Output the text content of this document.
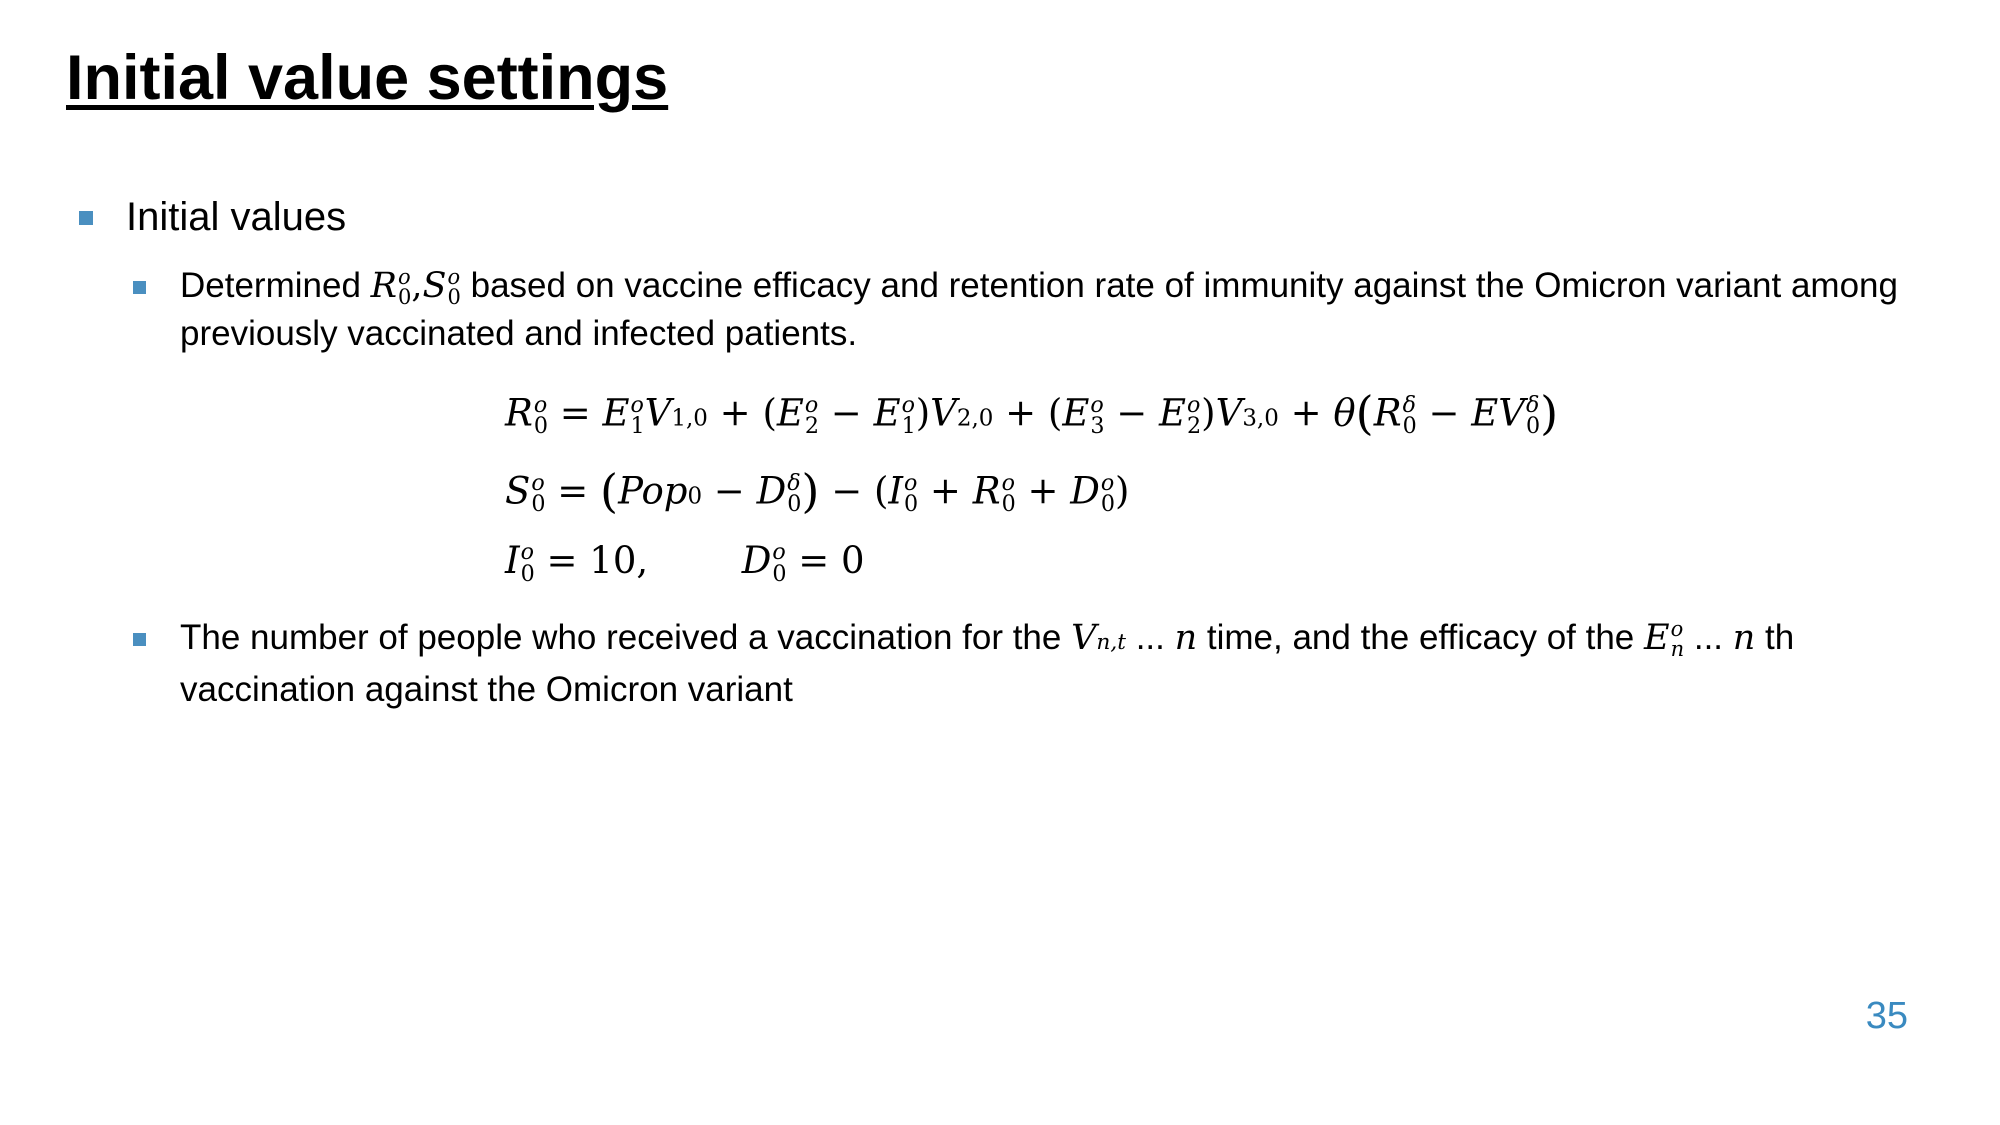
Initial value settings
Initial values
Determined R o
0 ,S o
0 based on vaccine efficacy and retention rate of immunity against the Omicron variant among previously vaccinated and infected patients.
R o
0 = E o
1 V1,0 + (E o
2 − E o
1 )V2,0 + (E o
3 − E o
2 )V3,0 + θ(R δ
0 − EV δ
0 )
S o
0 = (Pop0 − D δ
0 ) − (I o
0 + R o
0 + D o
0 )
I o
0 = 10,	D o
0 = 0
The number of people who received a vaccination for the Vn,t ... n time, and the efficacy of the E o
n ... n th vaccination against the Omicron variant
35
